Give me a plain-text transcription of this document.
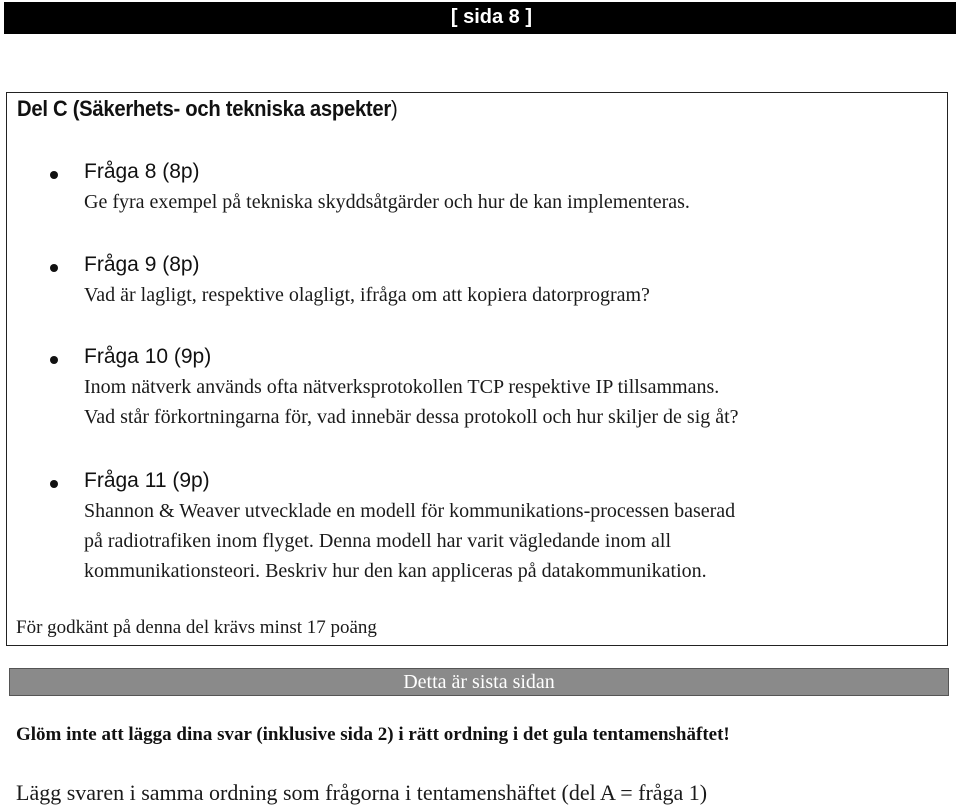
[ sida 8 ]
Del C (Säkerhets- och tekniska aspekter)
Fråga 8 (8p)
Ge fyra exempel på tekniska skyddsåtgärder och hur de kan implementeras.
Fråga 9 (8p)
Vad är lagligt, respektive olagligt, ifråga om att kopiera datorprogram?
Fråga 10 (9p)
Inom nätverk används ofta nätverksprotokollen TCP respektive IP tillsammans.
Vad står förkortningarna för, vad innebär dessa protokoll och hur skiljer de sig åt?
Fråga 11 (9p)
Shannon & Weaver utvecklade en modell för kommunikations-processen baserad
på radiotrafiken inom flyget. Denna modell har varit vägledande inom all
kommunikationsteori. Beskriv hur den kan appliceras på datakommunikation.
För godkänt på denna del krävs minst 17 poäng
Detta är sista sidan
Glöm inte att lägga dina svar (inklusive sida 2) i rätt ordning i det gula tentamenshäftet!
Lägg svaren i samma ordning som frågorna i tentamenshäftet (del A = fråga 1)
